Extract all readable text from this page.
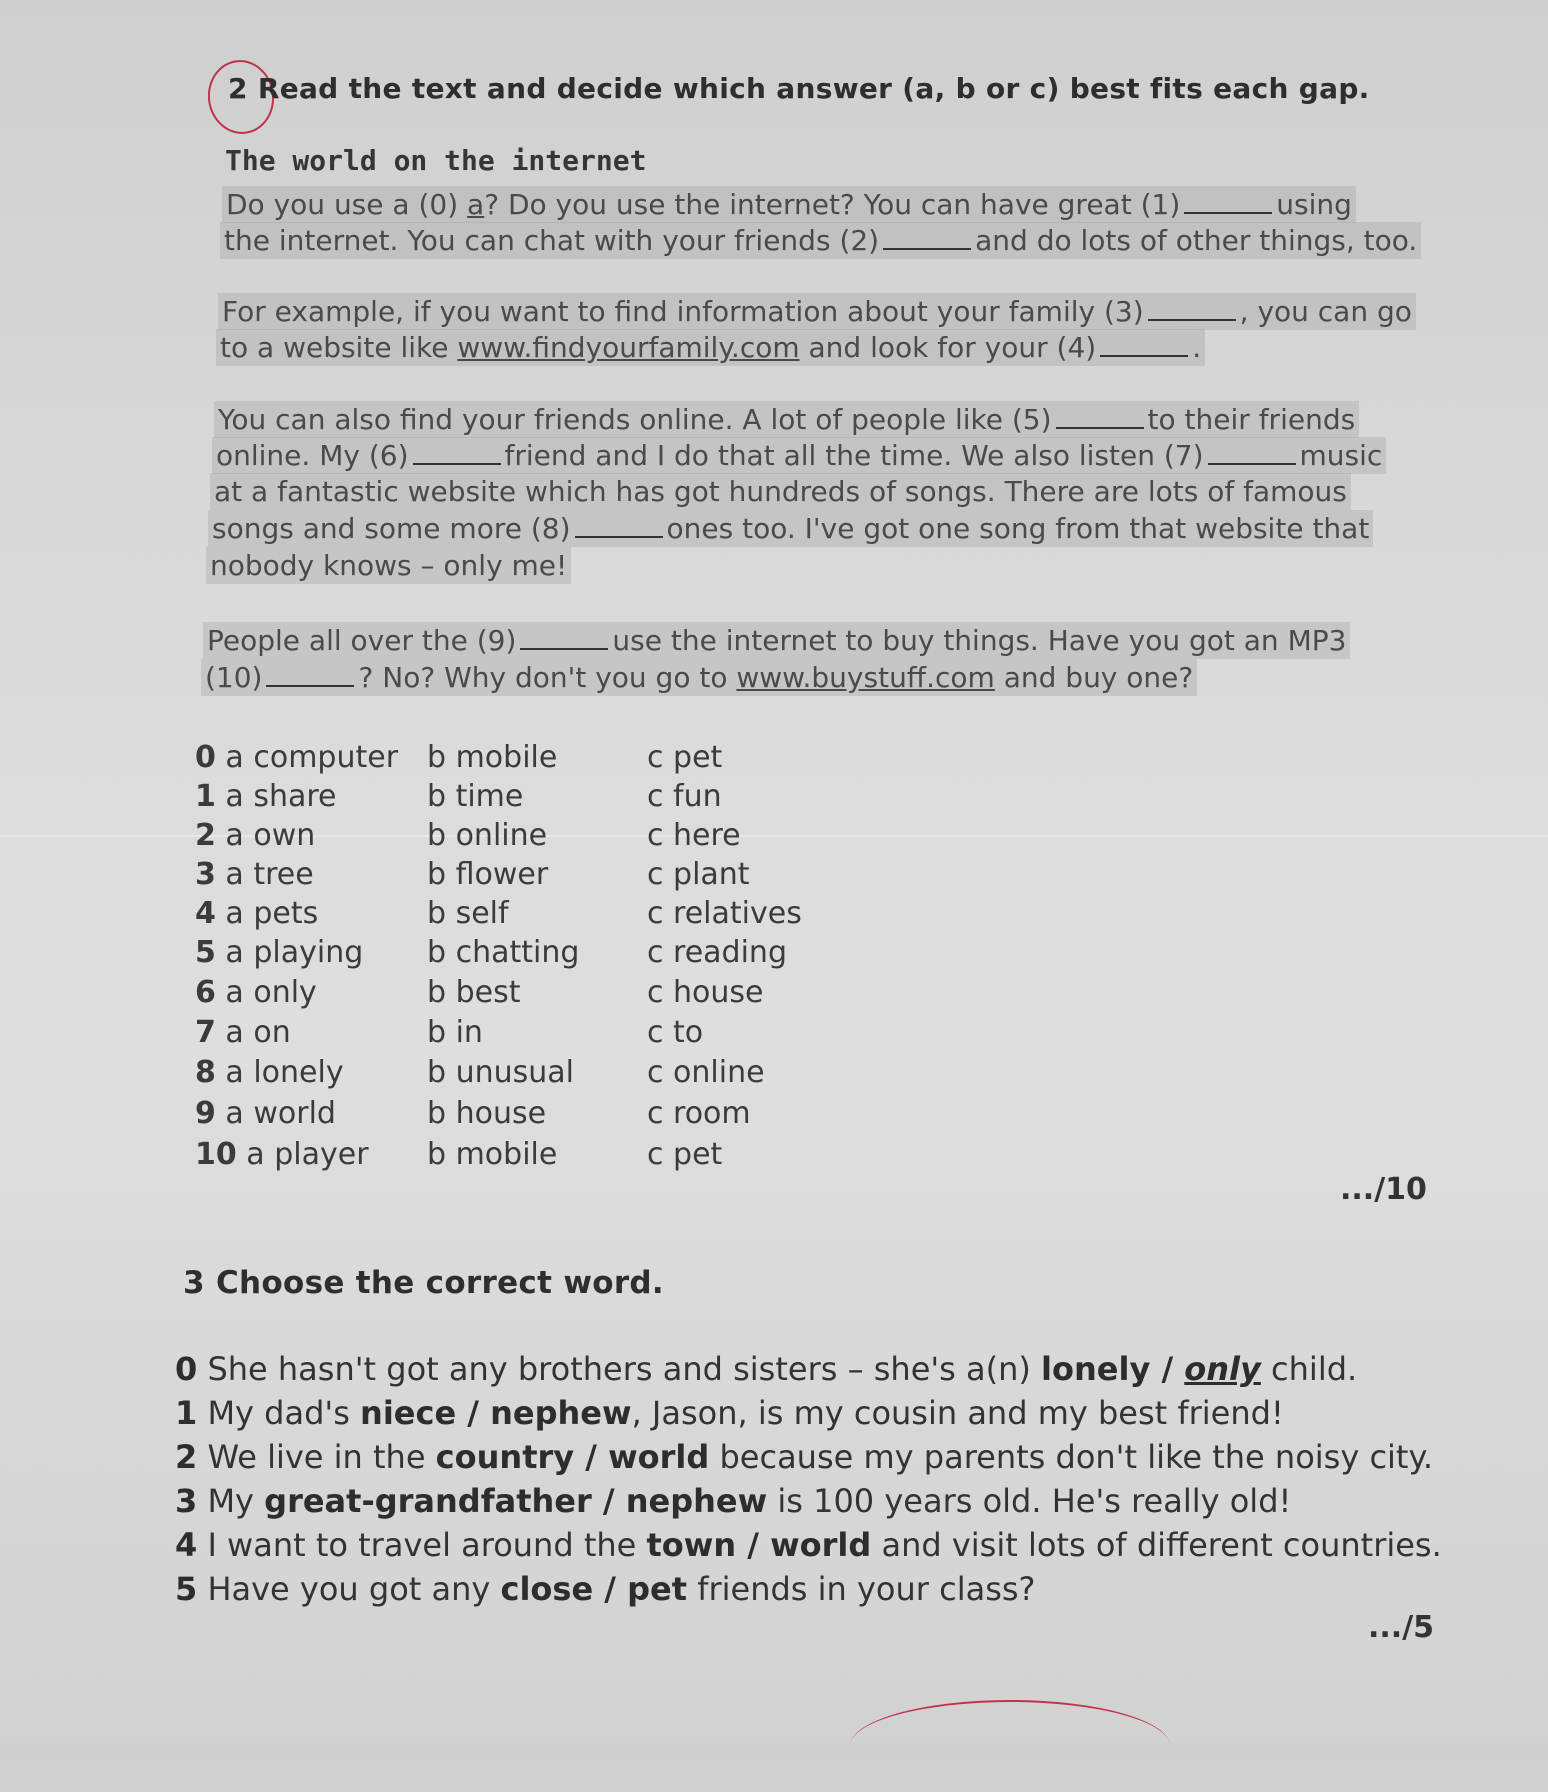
2 Read the text and decide which answer (a, b or c) best fits each gap.
The world on the internet
Do you use a (0) a? Do you use the internet? You can have great (1)	using
the internet. You can chat with your friends (2)	and do lots of other things, too.
For example, if you want to find information about your family (3)	, you can go
to a website like www.findyourfamily.com and look for your (4)	.
You can also find your friends online. A lot of people like (5)	to their friends
online. My (6)	friend and I do that all the time. We also listen (7)	music
at a fantastic website which has got hundreds of songs. There are lots of famous
songs and some more (8)	ones too. I've got one song from that website that
nobody knows – only me!
People all over the (9)	use the internet to buy things. Have you got an MP3
(10)	? No? Why don't you go to www.buystuff.com and buy one?
0 a computer b mobile	c pet
1 a share	b time	c fun
2 a own	b online	c here
3 a tree	b flower	c plant
4 a pets	b self	c relatives
5 a playing b chatting c reading
6 a only	b best	c house
7 a on	b in	c to
8 a lonely	b unusual c online
9 a world	b house	c room
10 a player b mobile	c pet
.../10
3 Choose the correct word.
0 She hasn't got any brothers and sisters – she's a(n) lonely / only child.
1 My dad's niece / nephew, Jason, is my cousin and my best friend!
2 We live in the country / world because my parents don't like the noisy city.
3 My great-grandfather / nephew is 100 years old. He's really old!
4 I want to travel around the town / world and visit lots of different countries.
5 Have you got any close / pet friends in your class?
.../5
